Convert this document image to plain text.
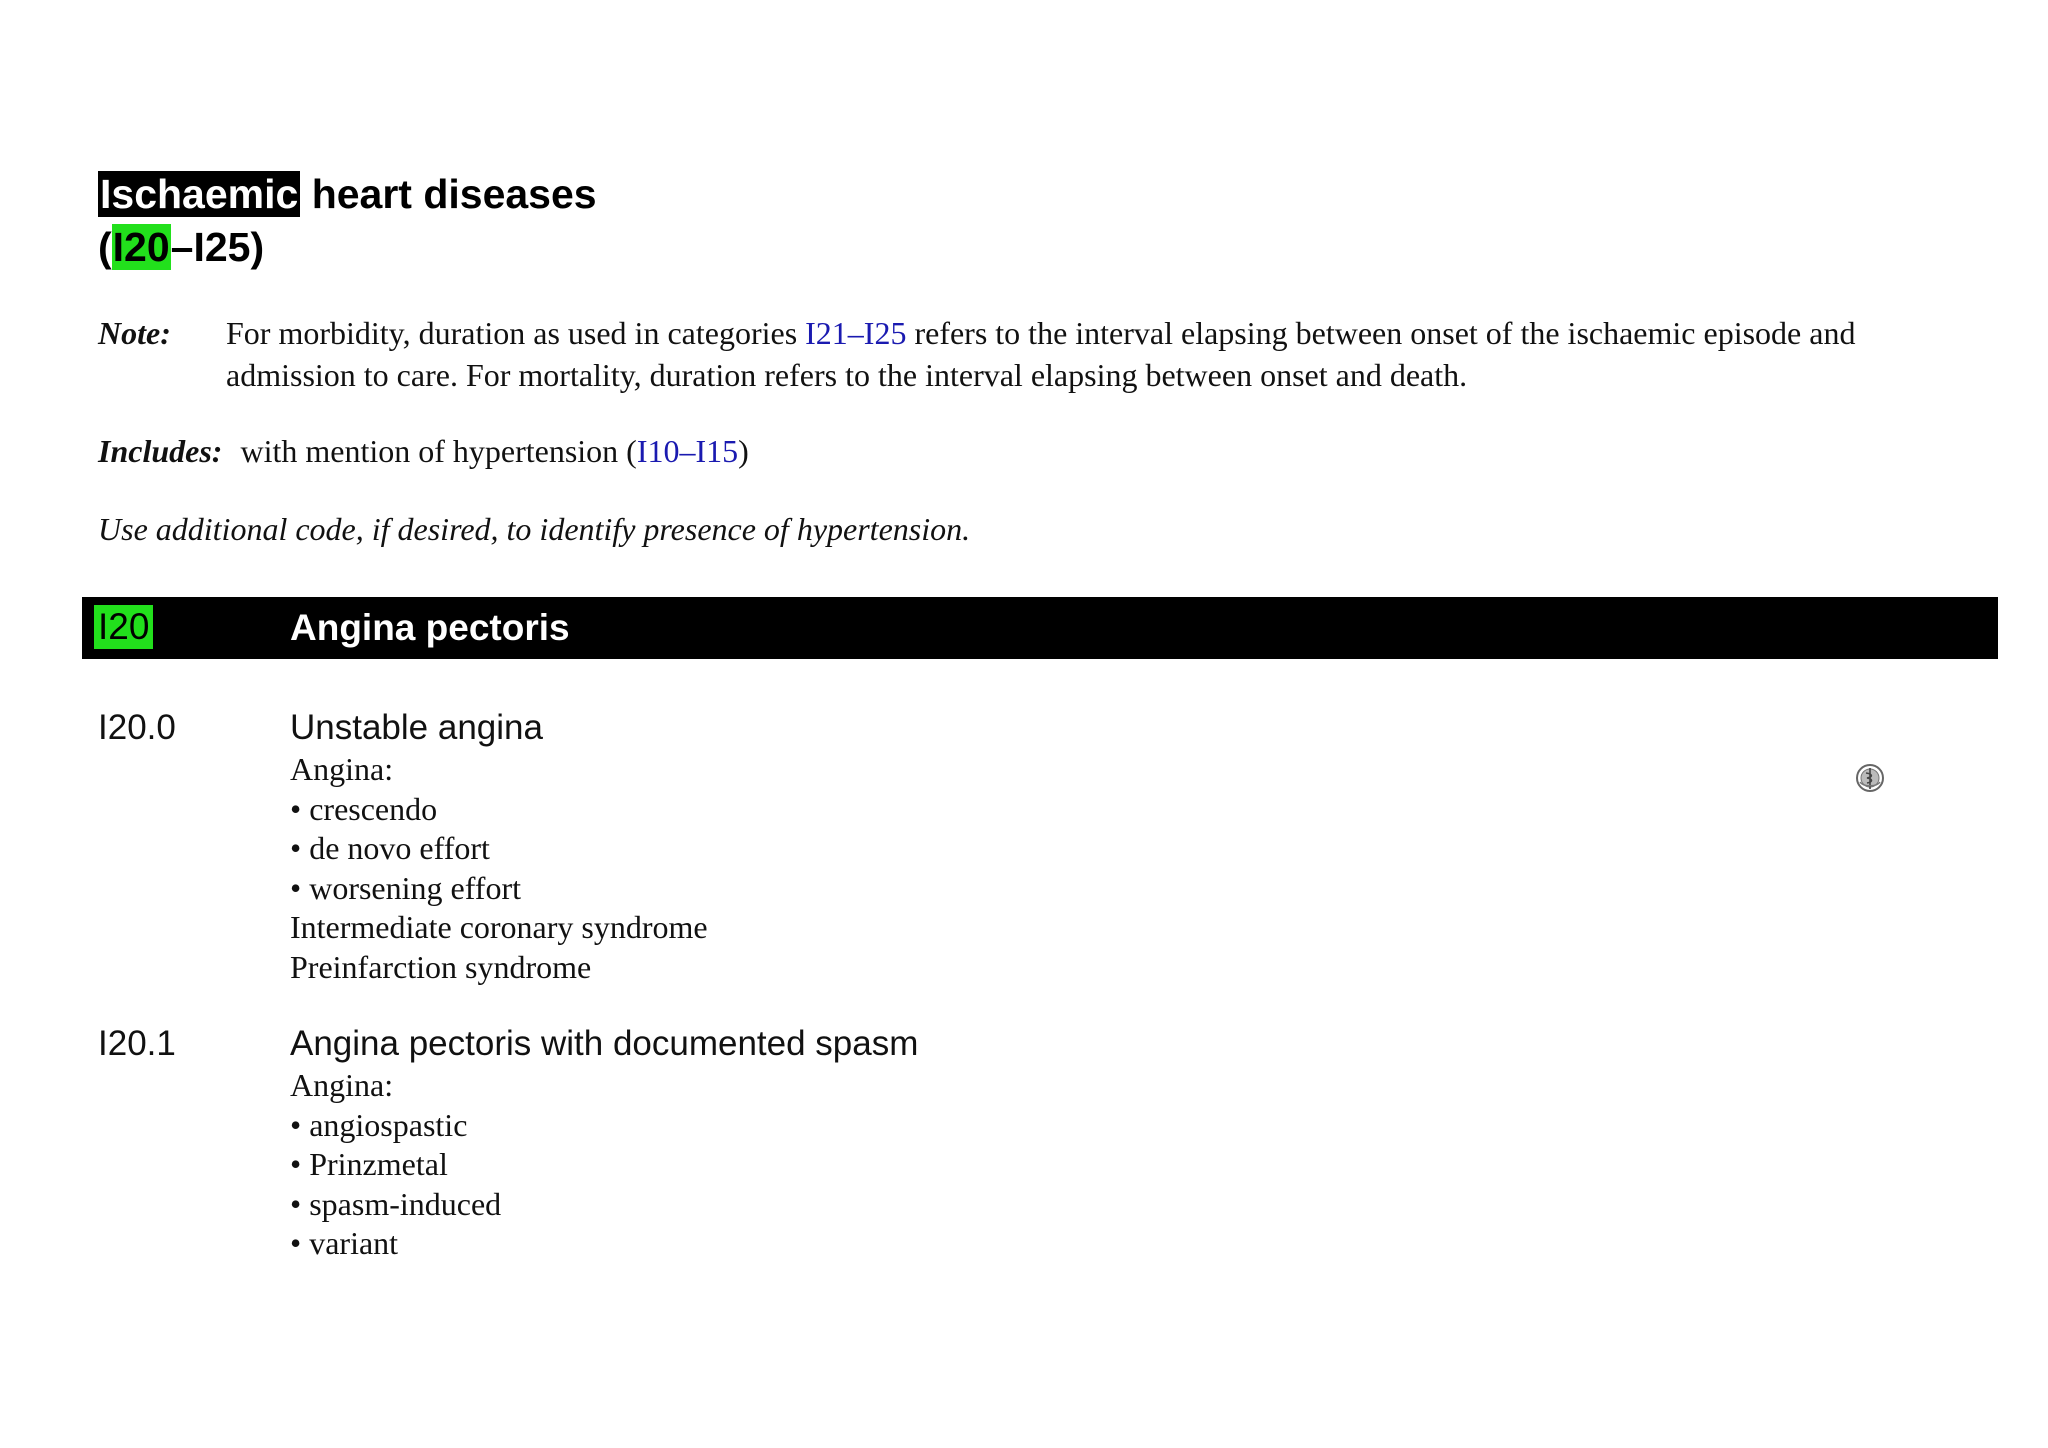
Ischaemic heart diseases
(I20–I25)
Note: For morbidity, duration as used in categories I21–I25 refers to the interval elapsing between onset of the ischaemic episode and admission to care. For mortality, duration refers to the interval elapsing between onset and death.
Includes: with mention of hypertension (I10–I15)
Use additional code, if desired, to identify presence of hypertension.
I20	Angina pectoris
I20.0	Unstable angina
Angina:
• crescendo
• de novo effort
• worsening effort
Intermediate coronary syndrome
Preinfarction syndrome
I20.1	Angina pectoris with documented spasm
Angina:
• angiospastic
• Prinzmetal
• spasm-induced
• variant
